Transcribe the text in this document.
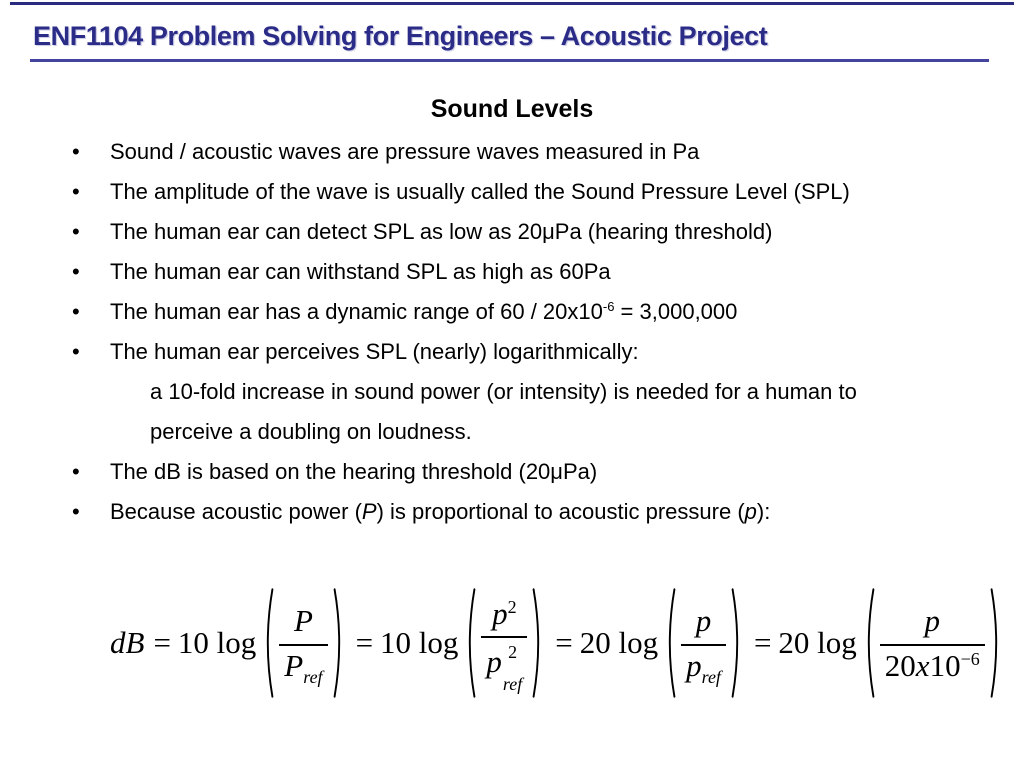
ENF1104 Problem Solving for Engineers – Acoustic Project
Sound Levels
• Sound / acoustic waves are pressure waves measured in Pa
• The amplitude of the wave is usually called the Sound Pressure Level (SPL)
• The human ear can detect SPL as low as 20μPa (hearing threshold)
• The human ear can withstand SPL as high as 60Pa
• The human ear has a dynamic range of $60 / 20x10^{-6} = 3,000,000$
• The human ear perceives SPL (nearly) logarithmically:
a 10-fold increase in sound power (or intensity) is needed for a human to
perceive a doubling on loudness.
• The dB is based on the hearing threshold (20μPa)
• Because acoustic power (P) is proportional to acoustic pressure (p):
dB = 10 $\log \frac{P}{P_{ref}} = 10$ $\log p^2$
p 2
ref = 20 $\log \frac{p}{p_{ref}} = 20$ $\log \frac{p}{20x10^{-6}}$
